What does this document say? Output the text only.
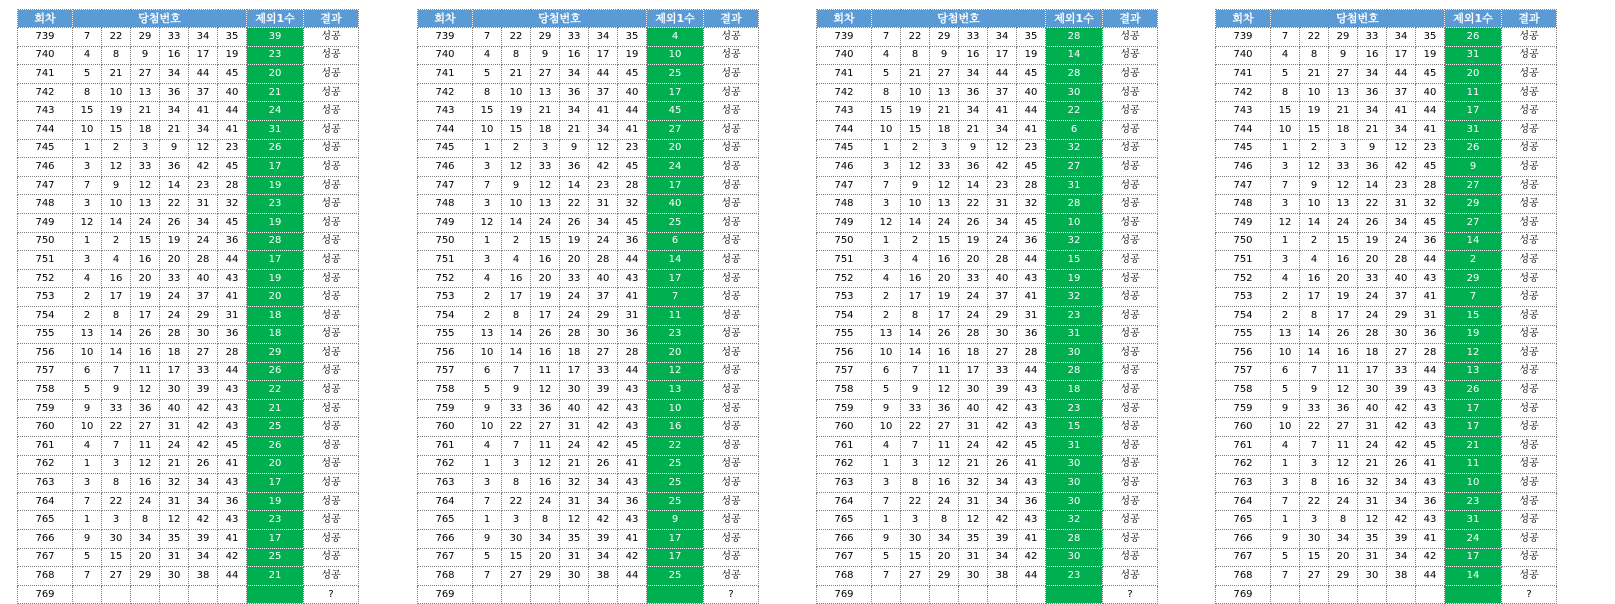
회차	당첨번호						제외1수	결과
739	7	22	29	33	34	35	39	성공
740	4	8	9	16	17	19	23	성공
741	5	21	27	34	44	45	20	성공
742	8	10	13	36	37	40	21	성공
743	15	19	21	34	41	44	24	성공
744	10	15	18	21	34	41	31	성공
745	1	2	3	9	12	23	26	성공
746	3	12	33	36	42	45	17	성공
747	7	9	12	14	23	28	19	성공
748	3	10	13	22	31	32	23	성공
749	12	14	24	26	34	45	19	성공
750	1	2	15	19	24	36	28	성공
751	3	4	16	20	28	44	17	성공
752	4	16	20	33	40	43	19	성공
753	2	17	19	24	37	41	20	성공
754	2	8	17	24	29	31	18	성공
755	13	14	26	28	30	36	18	성공
756	10	14	16	18	27	28	29	성공
757	6	7	11	17	33	44	26	성공
758	5	9	12	30	39	43	22	성공
759	9	33	36	40	42	43	21	성공
760	10	22	27	31	42	43	25	성공
761	4	7	11	24	42	45	26	성공
762	1	3	12	21	26	41	20	성공
763	3	8	16	32	34	43	17	성공
764	7	22	24	31	34	36	19	성공
765	1	3	8	12	42	43	23	성공
766	9	30	34	35	39	41	17	성공
767	5	15	20	31	34	42	25	성공
768	7	27	29	30	38	44	21	성공
769								?
회차	당첨번호						제외1수	결과
739	7	22	29	33	34	35	4	성공
740	4	8	9	16	17	19	10	성공
741	5	21	27	34	44	45	25	성공
742	8	10	13	36	37	40	17	성공
743	15	19	21	34	41	44	45	성공
744	10	15	18	21	34	41	27	성공
745	1	2	3	9	12	23	20	성공
746	3	12	33	36	42	45	24	성공
747	7	9	12	14	23	28	17	성공
748	3	10	13	22	31	32	40	성공
749	12	14	24	26	34	45	25	성공
750	1	2	15	19	24	36	6	성공
751	3	4	16	20	28	44	14	성공
752	4	16	20	33	40	43	17	성공
753	2	17	19	24	37	41	7	성공
754	2	8	17	24	29	31	11	성공
755	13	14	26	28	30	36	23	성공
756	10	14	16	18	27	28	20	성공
757	6	7	11	17	33	44	12	성공
758	5	9	12	30	39	43	13	성공
759	9	33	36	40	42	43	10	성공
760	10	22	27	31	42	43	16	성공
761	4	7	11	24	42	45	22	성공
762	1	3	12	21	26	41	25	성공
763	3	8	16	32	34	43	25	성공
764	7	22	24	31	34	36	25	성공
765	1	3	8	12	42	43	9	성공
766	9	30	34	35	39	41	17	성공
767	5	15	20	31	34	42	17	성공
768	7	27	29	30	38	44	25	성공
769								?
회차	당첨번호						제외1수	결과
739	7	22	29	33	34	35	28	성공
740	4	8	9	16	17	19	14	성공
741	5	21	27	34	44	45	28	성공
742	8	10	13	36	37	40	30	성공
743	15	19	21	34	41	44	22	성공
744	10	15	18	21	34	41	6	성공
745	1	2	3	9	12	23	32	성공
746	3	12	33	36	42	45	27	성공
747	7	9	12	14	23	28	31	성공
748	3	10	13	22	31	32	28	성공
749	12	14	24	26	34	45	10	성공
750	1	2	15	19	24	36	32	성공
751	3	4	16	20	28	44	15	성공
752	4	16	20	33	40	43	19	성공
753	2	17	19	24	37	41	32	성공
754	2	8	17	24	29	31	23	성공
755	13	14	26	28	30	36	31	성공
756	10	14	16	18	27	28	30	성공
757	6	7	11	17	33	44	28	성공
758	5	9	12	30	39	43	18	성공
759	9	33	36	40	42	43	23	성공
760	10	22	27	31	42	43	15	성공
761	4	7	11	24	42	45	31	성공
762	1	3	12	21	26	41	30	성공
763	3	8	16	32	34	43	30	성공
764	7	22	24	31	34	36	30	성공
765	1	3	8	12	42	43	32	성공
766	9	30	34	35	39	41	28	성공
767	5	15	20	31	34	42	30	성공
768	7	27	29	30	38	44	23	성공
769								?
회차	당첨번호						제외1수	결과
739	7	22	29	33	34	35	26	성공
740	4	8	9	16	17	19	31	성공
741	5	21	27	34	44	45	20	성공
742	8	10	13	36	37	40	11	성공
743	15	19	21	34	41	44	17	성공
744	10	15	18	21	34	41	31	성공
745	1	2	3	9	12	23	26	성공
746	3	12	33	36	42	45	9	성공
747	7	9	12	14	23	28	27	성공
748	3	10	13	22	31	32	29	성공
749	12	14	24	26	34	45	27	성공
750	1	2	15	19	24	36	14	성공
751	3	4	16	20	28	44	2	성공
752	4	16	20	33	40	43	29	성공
753	2	17	19	24	37	41	7	성공
754	2	8	17	24	29	31	15	성공
755	13	14	26	28	30	36	19	성공
756	10	14	16	18	27	28	12	성공
757	6	7	11	17	33	44	13	성공
758	5	9	12	30	39	43	26	성공
759	9	33	36	40	42	43	17	성공
760	10	22	27	31	42	43	17	성공
761	4	7	11	24	42	45	21	성공
762	1	3	12	21	26	41	11	성공
763	3	8	16	32	34	43	10	성공
764	7	22	24	31	34	36	23	성공
765	1	3	8	12	42	43	31	성공
766	9	30	34	35	39	41	24	성공
767	5	15	20	31	34	42	17	성공
768	7	27	29	30	38	44	14	성공
769								?
